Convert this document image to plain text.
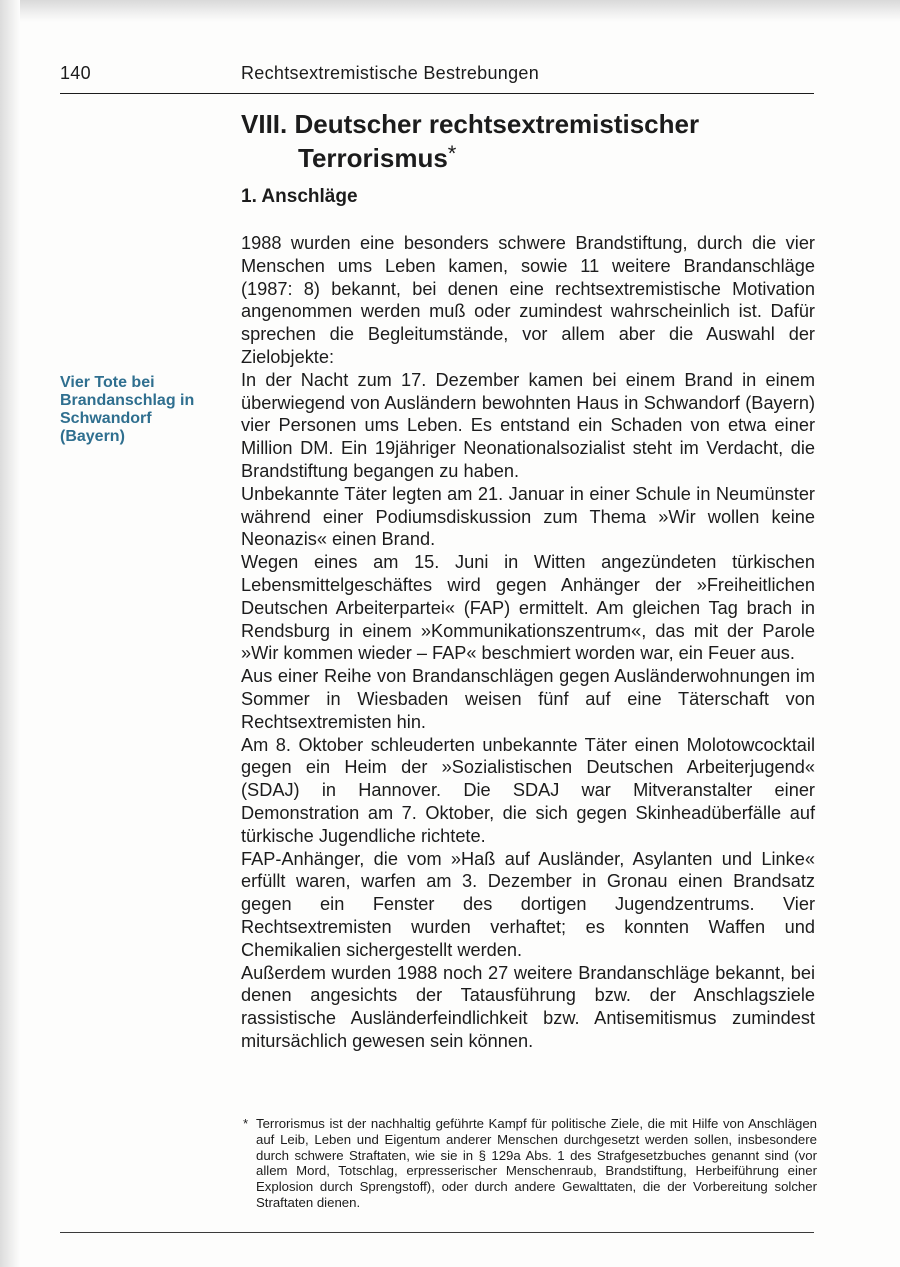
140	Rechtsextremistische Bestrebungen
VIII. Deutscher rechtsextremistischer
Terrorismus*
1. Anschläge
Vier Tote bei
Brandanschlag in
Schwandorf
(Bayern)

1988 wurden eine besonders schwere Brandstiftung, durch die vier Menschen ums Leben kamen, sowie 11 weitere Brandanschläge (1987: 8) bekannt, bei denen eine rechtsextremistische Motivation angenommen werden muß oder zumindest wahrscheinlich ist. Dafür sprechen die Begleitumstände, vor allem aber die Auswahl der Zielobjekte:

In der Nacht zum 17. Dezember kamen bei einem Brand in einem überwiegend von Ausländern bewohnten Haus in Schwandorf (Bayern) vier Personen ums Leben. Es entstand ein Schaden von etwa einer Million DM. Ein 19jähriger Neonationalsozialist steht im Verdacht, die Brandstiftung begangen zu haben.

Unbekannte Täter legten am 21. Januar in einer Schule in Neumünster während einer Podiumsdiskussion zum Thema »Wir wollen keine Neonazis« einen Brand.

Wegen eines am 15. Juni in Witten angezündeten türkischen Lebensmittelgeschäftes wird gegen Anhänger der »Freiheitlichen Deutschen Arbeiterpartei« (FAP) ermittelt. Am gleichen Tag brach in Rendsburg in einem »Kommunikationszentrum«, das mit der Parole »Wir kommen wieder – FAP« beschmiert worden war, ein Feuer aus.

Aus einer Reihe von Brandanschlägen gegen Ausländerwohnungen im Sommer in Wiesbaden weisen fünf auf eine Täterschaft von Rechtsextremisten hin.

Am 8. Oktober schleuderten unbekannte Täter einen Molotowcocktail gegen ein Heim der »Sozialistischen Deutschen Arbeiterjugend« (SDAJ) in Hannover. Die SDAJ war Mitveranstalter einer Demonstration am 7. Oktober, die sich gegen Skinheadüberfälle auf türkische Jugendliche richtete.

FAP-Anhänger, die vom »Haß auf Ausländer, Asylanten und Linke« erfüllt waren, warfen am 3. Dezember in Gronau einen Brandsatz gegen ein Fenster des dortigen Jugendzentrums. Vier Rechtsextremisten wurden verhaftet; es konnten Waffen und Chemikalien sichergestellt werden.

Außerdem wurden 1988 noch 27 weitere Brandanschläge bekannt, bei denen angesichts der Tatausführung bzw. der Anschlagsziele rassistische Ausländerfeindlichkeit bzw. Antisemitismus zumindest mitursächlich gewesen sein können.

* Terrorismus ist der nachhaltig geführte Kampf für politische Ziele, die mit Hilfe von Anschlägen auf Leib, Leben und Eigentum anderer Menschen durchgesetzt werden sollen, insbesondere durch schwere Straftaten, wie sie in § 129a Abs. 1 des Strafgesetzbuches genannt sind (vor allem Mord, Totschlag, erpresserischer Menschenraub, Brandstiftung, Herbeiführung einer Explosion durch Sprengstoff), oder durch andere Gewalttaten, die der Vorbereitung solcher Straftaten dienen.
